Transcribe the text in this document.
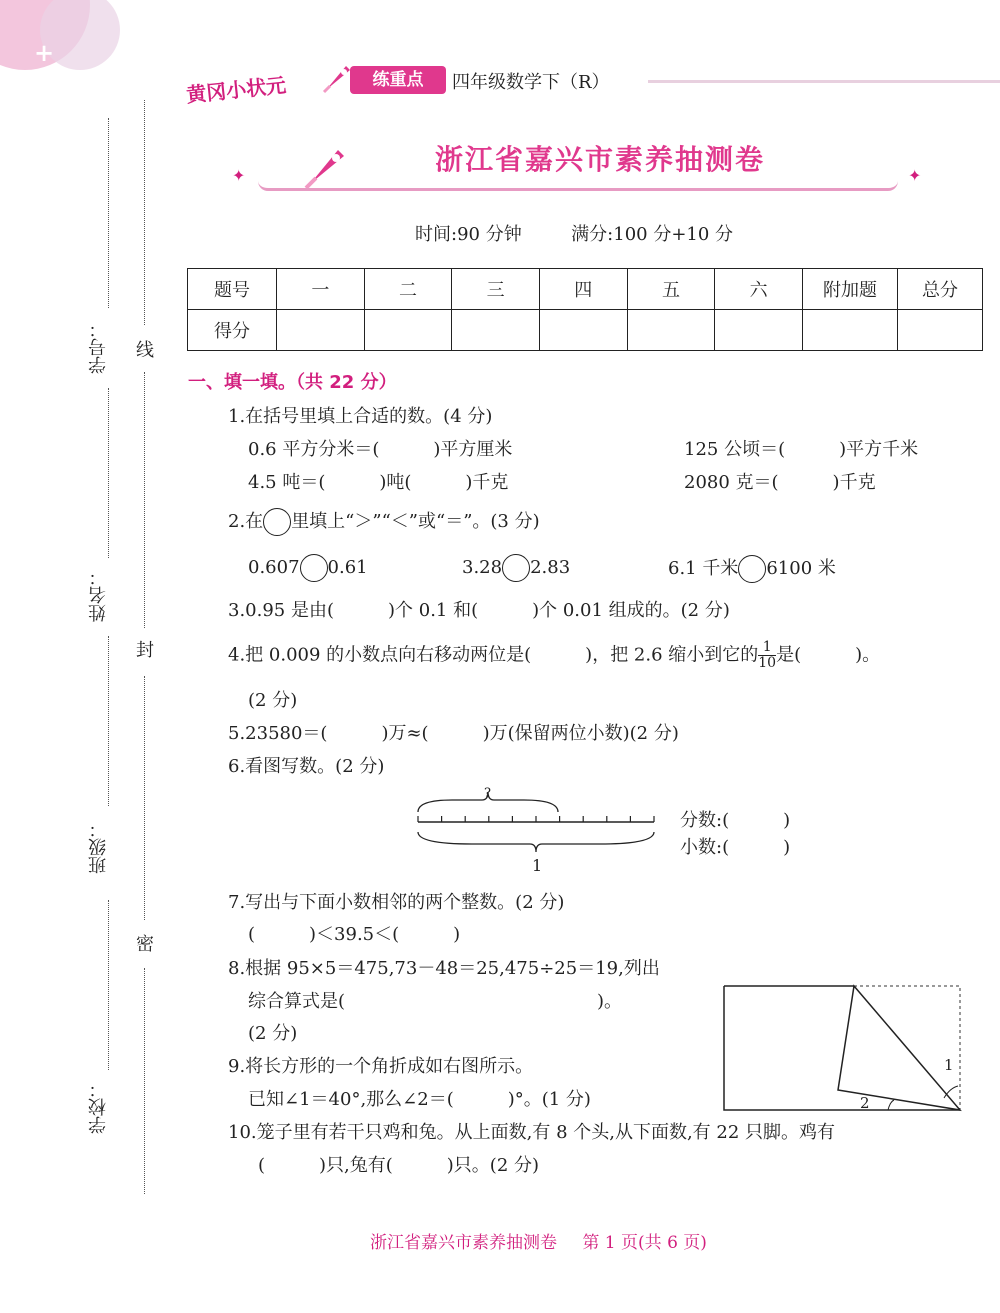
+
黄冈小状元	练重点	四年级数学下（R）
✦	✦
浙江省嘉兴市素养抽测卷
时间:90 分钟	满分:100 分+10 分
题号	一	二	三	四	五	六	附加题	总分
得分								
学号：
姓名：
班级：
学校：
线
封
密
一、填一填。（共 22 分）
1.在括号里填上合适的数。(4 分)
0.6 平方分米＝(　　　)平方厘米	125 公顷＝(　　　)平方千米
4.5 吨＝(　　　)吨(　　　)千克	2080 克＝(　　　)千克
2.在 里填上“＞”“＜”或“＝”。(3 分)
0.607 0.61	3.28 2.83	6.1 千米 6100 米
3.0.95 是由(　　　)个 0.1 和(　　　)个 0.01 组成的。(2 分)
4.把 0.009 的小数点向右移动两位是(　　　)，把 2.6 缩小到它的 $\frac{1}{10}$ 是(　　　)。
(2 分)
5.23580＝(　　　)万≈(　　　)万(保留两位小数)(2 分)
6.看图写数。(2 分)
?
1
分数:(　　　)
小数:(　　　)
7.写出与下面小数相邻的两个整数。(2 分)
(　　　)＜39.5＜(　　　)
8.根据 95×5＝475,73－48＝25,475÷25＝19,列出
综合算式是(　　　　　　　　　　　　　　)。
(2 分)
1
2
9.将长方形的一个角折成如右图所示。
已知∠1＝40°,那么∠2＝(　　　)°。(1 分)
10.笼子里有若干只鸡和兔。从上面数,有 8 个头,从下面数,有 22 只脚。鸡有
(　　　)只,兔有(　　　)只。(2 分)
浙江省嘉兴市素养抽测卷 第 1 页(共 6 页)
